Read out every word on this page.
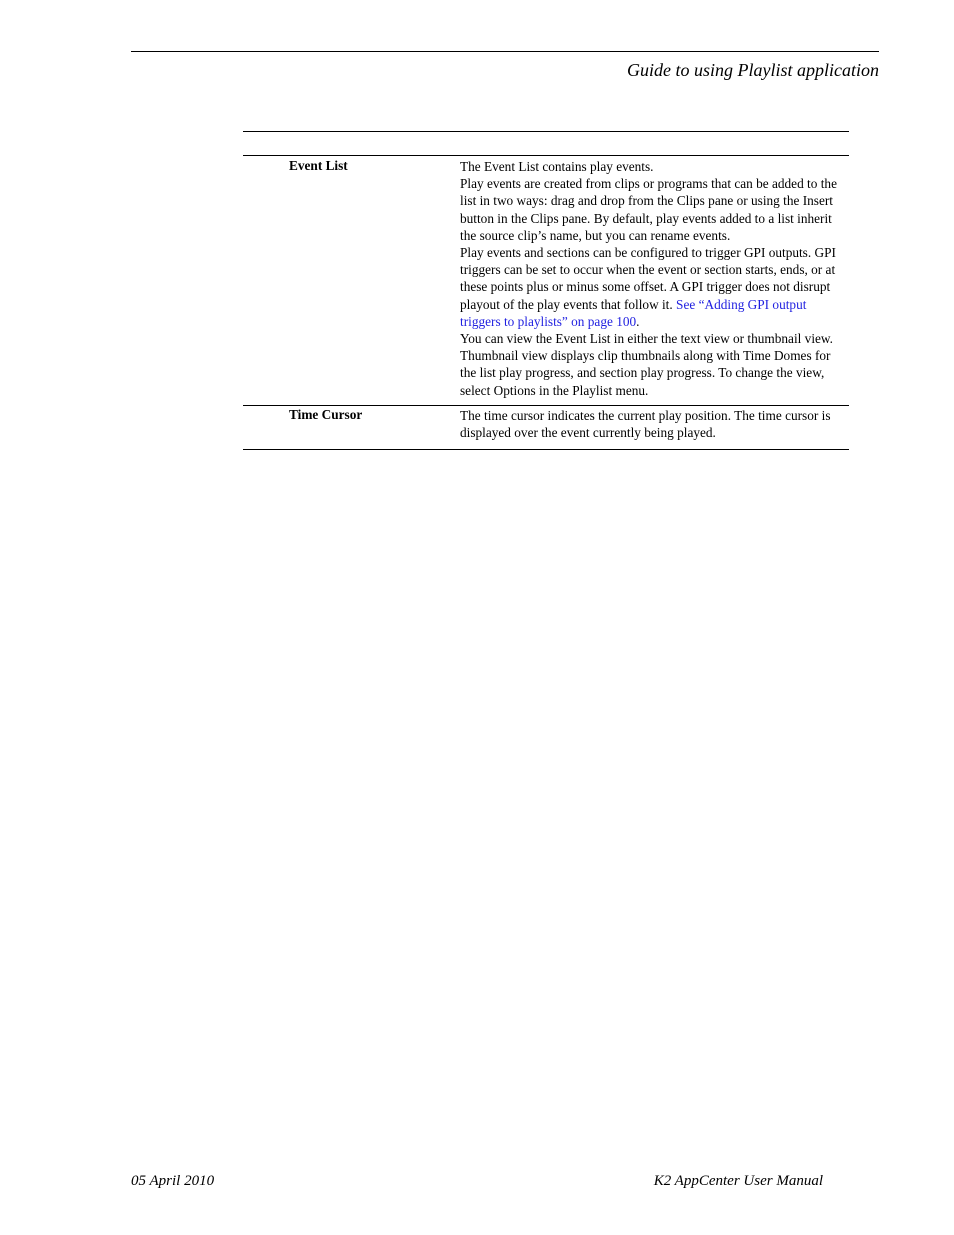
Guide to using Playlist application
Event List	The Event List contains play events.

Play events are created from clips or programs that can be added to the list in two ways: drag and drop from the Clips pane or using the Insert button in the Clips pane. By default, play events added to a list inherit the source clip’s name, but you can rename events.

Play events and sections can be configured to trigger GPI outputs. GPI triggers can be set to occur when the event or section starts, ends, or at these points plus or minus some offset. A GPI trigger does not disrupt playout of the play events that follow it. See “Adding GPI output triggers to playlists” on page 100.

You can view the Event List in either the text view or thumbnail view. Thumbnail view displays clip thumbnails along with Time Domes for the list play progress, and section play progress. To change the view, select Options in the Playlist menu.

Time Cursor	The time cursor indicates the current play position. The time cursor is displayed over the event currently being played.

05 April 2010	K2 AppCenter User Manual
